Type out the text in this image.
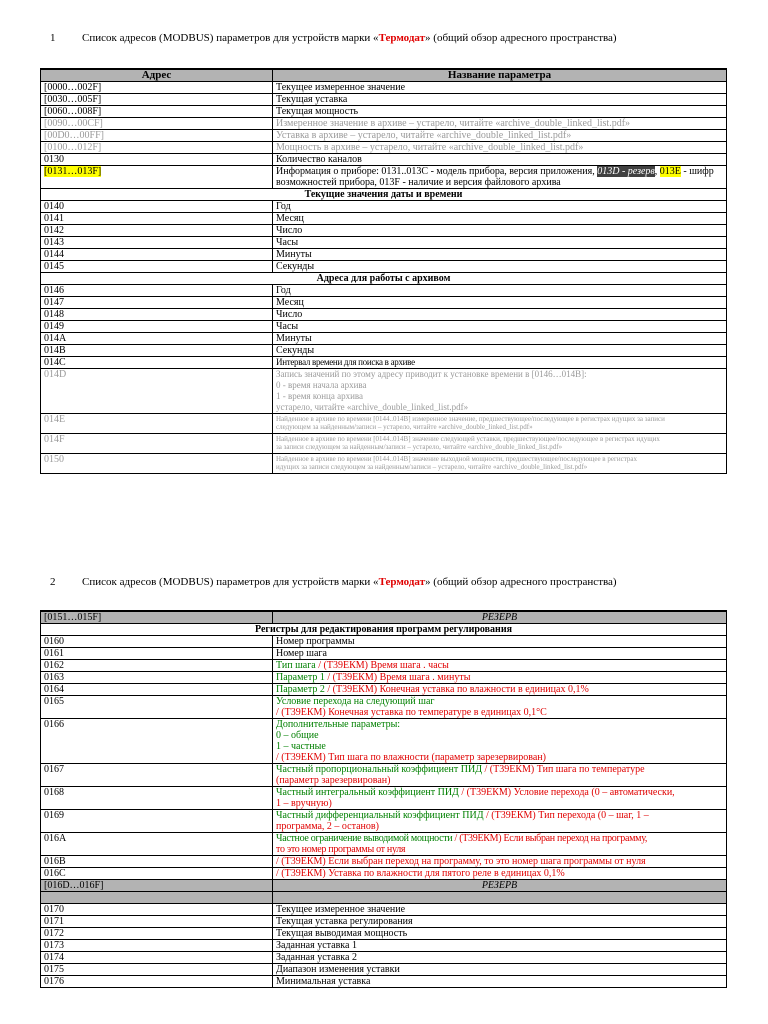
1 Список адресов (MODBUS) параметров для устройств марки «Термодат» (общий обзор адресного пространства)
Адрес	Название параметра
[0000…002F]	Текущее измеренное значение
[0030…005F]	Текущая уставка
[0060…008F]	Текущая мощность
[0090…00CF]	Измеренное значение в архиве – устарело, читайте «archive_double_linked_list.pdf»
[00D0…00FF]	Уставка в архиве – устарело, читайте «archive_double_linked_list.pdf»
[0100…012F]	Мощность в архиве – устарело, читайте «archive_double_linked_list.pdf»
0130	Количество каналов
[0131…013F]	Информация о приборе: 0131..013C - модель прибора, версия приложения, 013D - резерв, 013E - шифр возможностей прибора, 013F - наличие и версия файлового архива
Текущие значения даты и времени	
0140	Год
0141	Месяц
0142	Число
0143	Часы
0144	Минуты
0145	Секунды
Адреса для работы с архивом	
0146	Год
0147	Месяц
0148	Число
0149	Часы
014A	Минуты
014B	Секунды
014C	Интервал времени для поиска в архиве
014D	Запись значений по этому адресу приводит к установке времени в [0146…014B]:
0 - время начала архива
1 - время конца архива
устарело, читайте «archive_double_linked_list.pdf»

014E	Найденное в архиве по времени [0144..014B] измеренное значение, предшествующее/последующее в регистрах идущих за записи
следующем за найденным/записи – устарело, читайте «archive_double_linked_list.pdf»

014F	Найденное в архиве по времени [0144..014B] значение следующей уставки, предшествующее/последующее в регистрах идущих
за записи следующем за найденным/записи – устарело, читайте «archive_double_linked_list.pdf»

0150	Найденное в архиве по времени [0144..014B] значение выходной мощности, предшествующее/последующее в регистрах
идущих за записи следующем за найденным/записи – устарело, читайте «archive_double_linked_list.pdf»
2 Список адресов (MODBUS) параметров для устройств марки «Термодат» (общий обзор адресного пространства)
[0151…015F]	РЕЗЕРВ
Регистры для редактирования программ регулирования	
0160	Номер программы
0161	Номер шага
0162	Тип шага / (Т39ЕКМ) Время шага . часы
0163	Параметр 1 / (Т39ЕКМ) Время шага . минуты
0164	Параметр 2 / (Т39ЕКМ) Конечная уставка по влажности в единицах 0,1%
0165	Условие перехода на следующий шаг
/ (Т39ЕКМ) Конечная уставка по температуре в единицах 0,1°С

0166	Дополнительные параметры:
0 – общие
1 – частные
/ (Т39ЕКМ) Тип шага по влажности (параметр зарезервирован)

0167	Частный пропорциональный коэффициент ПИД / (Т39ЕКМ) Тип шага по температуре
(параметр зарезервирован)

0168	Частный интегральный коэффициент ПИД / (Т39ЕКМ) Условие перехода (0 – автоматически,
1 – вручную)

0169	Частный дифференциальный коэффициент ПИД / (Т39ЕКМ) Тип перехода (0 – шаг, 1 –
программа, 2 – останов)

016A	Частное ограничение выводимой мощности / (Т39ЕКМ) Если выбран переход на программу,
то это номер программы от нуля

016B	/ (Т39ЕКМ) Если выбран переход на программу, то это номер шага программы от нуля
016C	/ (Т39ЕКМ) Уставка по влажности для пятого реле в единицах 0,1%
[016D…016F]	РЕЗЕРВ

0170	Текущее измеренное значение
0171	Текущая уставка регулирования
0172	Текущая выводимая мощность
0173	Заданная уставка 1
0174	Заданная уставка 2
0175	Диапазон изменения уставки
0176	Минимальная уставка
